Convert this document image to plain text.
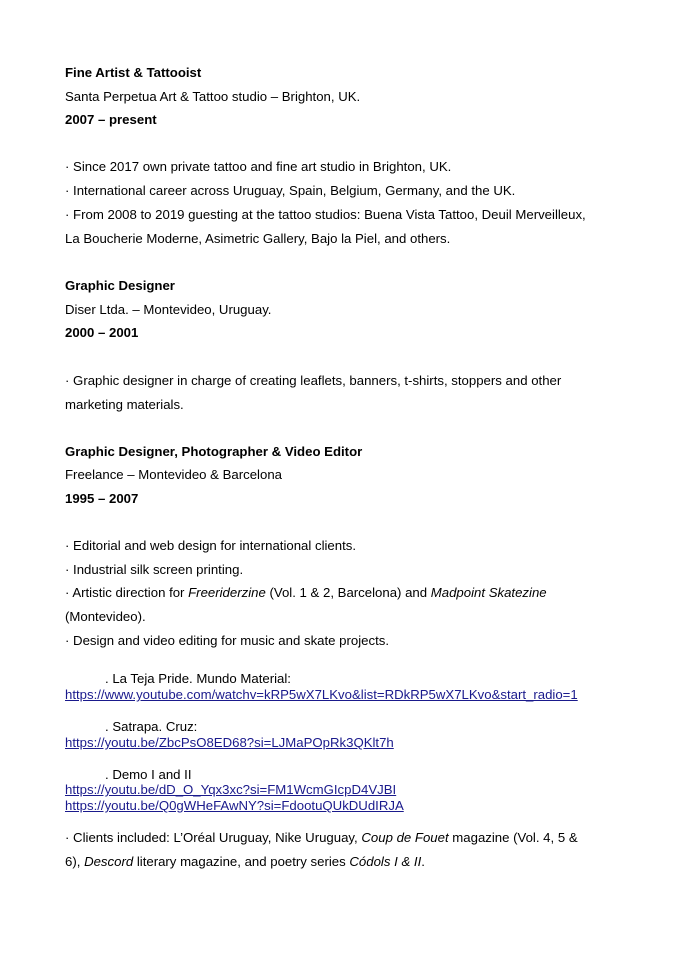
Fine Artist & Tattooist
Santa Perpetua Art & Tattoo studio – Brighton, UK.
2007 – present
· Since 2017 own private tattoo and fine art studio in Brighton, UK.
· International career across Uruguay, Spain, Belgium, Germany, and the UK.
· From 2008 to 2019 guesting at the tattoo studios: Buena Vista Tattoo, Deuil Merveilleux,
La Boucherie Moderne, Asimetric Gallery, Bajo la Piel, and others.
Graphic Designer
Diser Ltda. – Montevideo, Uruguay.
2000 – 2001
· Graphic designer in charge of creating leaflets, banners, t-shirts, stoppers and other
marketing materials.
Graphic Designer, Photographer & Video Editor
Freelance – Montevideo & Barcelona
1995 – 2007
· Editorial and web design for international clients.
· Industrial silk screen printing.
· Artistic direction for Freeriderzine (Vol. 1 & 2, Barcelona) and Madpoint Skatezine
(Montevideo).
· Design and video editing for music and skate projects.
. La Teja Pride. Mundo Material:
https://www.youtube.com/watchv=kRP5wX7LKvo&list=RDkRP5wX7LKvo&start_radio=1
. Satrapa. Cruz:
https://youtu.be/ZbcPsO8ED68?si=LJMaPOpRk3QKlt7h
. Demo I and II
https://youtu.be/dD_O_Yqx3xc?si=FM1WcmGIcpD4VJBI
https://youtu.be/Q0gWHeFAwNY?si=FdootuQUkDUdIRJA
· Clients included: L’Oréal Uruguay, Nike Uruguay, Coup de Fouet magazine (Vol. 4, 5 &
6), Descord literary magazine, and poetry series Códols I & II.
